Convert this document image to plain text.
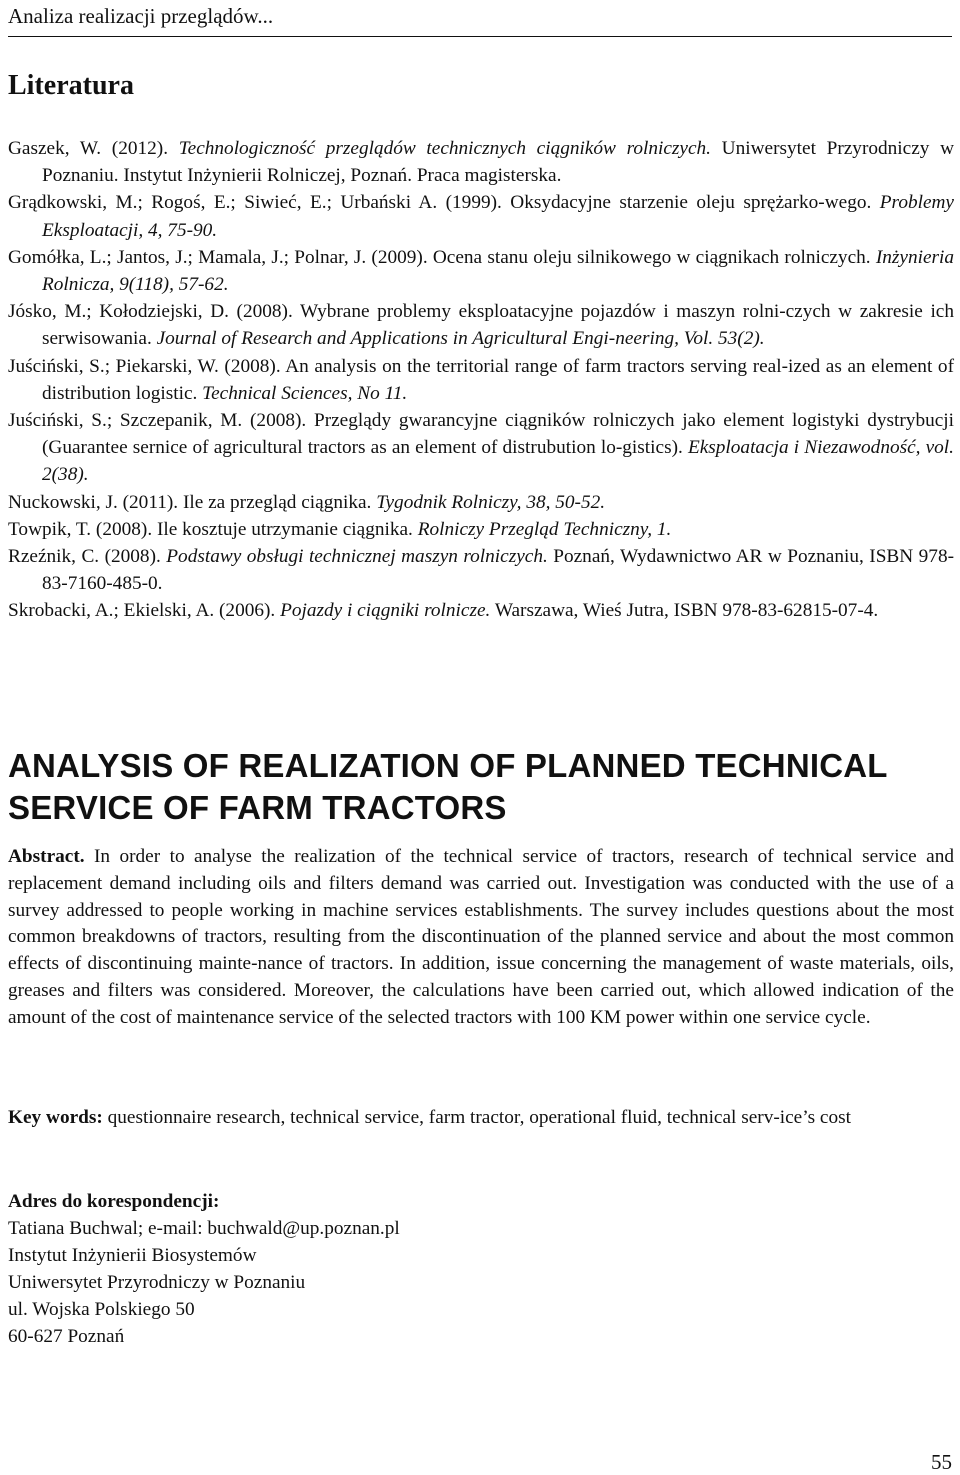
Analiza realizacji przeglądów...
Literatura

Gaszek, W. (2012). Technologiczność przeglądów technicznych ciągników rolniczych. Uniwersytet Przyrodniczy w Poznaniu. Instytut Inżynierii Rolniczej, Poznań. Praca magisterska.

Grądkowski, M.; Rogoś, E.; Siwieć, E.; Urbański A. (1999). Oksydacyjne starzenie oleju sprężarko-wego. Problemy Eksploatacji, 4, 75-90.

Gomółka, L.; Jantos, J.; Mamala, J.; Polnar, J. (2009). Ocena stanu oleju silnikowego w ciągnikach rolniczych. Inżynieria Rolnicza, 9(118), 57-62.

Jósko, M.; Kołodziejski, D. (2008). Wybrane problemy eksploatacyjne pojazdów i maszyn rolni-czych w zakresie ich serwisowania. Journal of Research and Applications in Agricultural Engi-neering, Vol. 53(2).

Juściński, S.; Piekarski, W. (2008). An analysis on the territorial range of farm tractors serving real-ized as an element of distribution logistic. Technical Sciences, No 11.

Juściński, S.; Szczepanik, M. (2008). Przeglądy gwarancyjne ciągników rolniczych jako element logistyki dystrybucji (Guarantee sernice of agricultural tractors as an element of distrubution lo-gistics). Eksploatacja i Niezawodność, vol. 2(38).

Nuckowski, J. (2011). Ile za przegląd ciągnika. Tygodnik Rolniczy, 38, 50-52.

Towpik, T. (2008). Ile kosztuje utrzymanie ciągnika. Rolniczy Przegląd Techniczny, 1.

Rzeźnik, C. (2008). Podstawy obsługi technicznej maszyn rolniczych. Poznań, Wydawnictwo AR w Poznaniu, ISBN 978-83-7160-485-0.

Skrobacki, A.; Ekielski, A. (2006). Pojazdy i ciągniki rolnicze. Warszawa, Wieś Jutra, ISBN 978-83-62815-07-4.

ANALYSIS OF REALIZATION OF PLANNED TECHNICAL SERVICE OF FARM TRACTORS

Abstract. In order to analyse the realization of the technical service of tractors, research of technical service and replacement demand including oils and filters demand was carried out. Investigation was conducted with the use of a survey addressed to people working in machine services establishments. The survey includes questions about the most common breakdowns of tractors, resulting from the discontinuation of the planned service and about the most common effects of discontinuing mainte-nance of tractors. In addition, issue concerning the management of waste materials, oils, greases and filters was considered. Moreover, the calculations have been carried out, which allowed indication of the amount of the cost of maintenance service of the selected tractors with 100 KM power within one service cycle.

Key words: questionnaire research, technical service, farm tractor, operational fluid, technical serv-ice’s cost

Adres do korespondencji:
Tatiana Buchwal; e-mail: buchwald@up.poznan.pl
Instytut Inżynierii Biosystemów
Uniwersytet Przyrodniczy w Poznaniu
ul. Wojska Polskiego 50
60-627 Poznań
55
